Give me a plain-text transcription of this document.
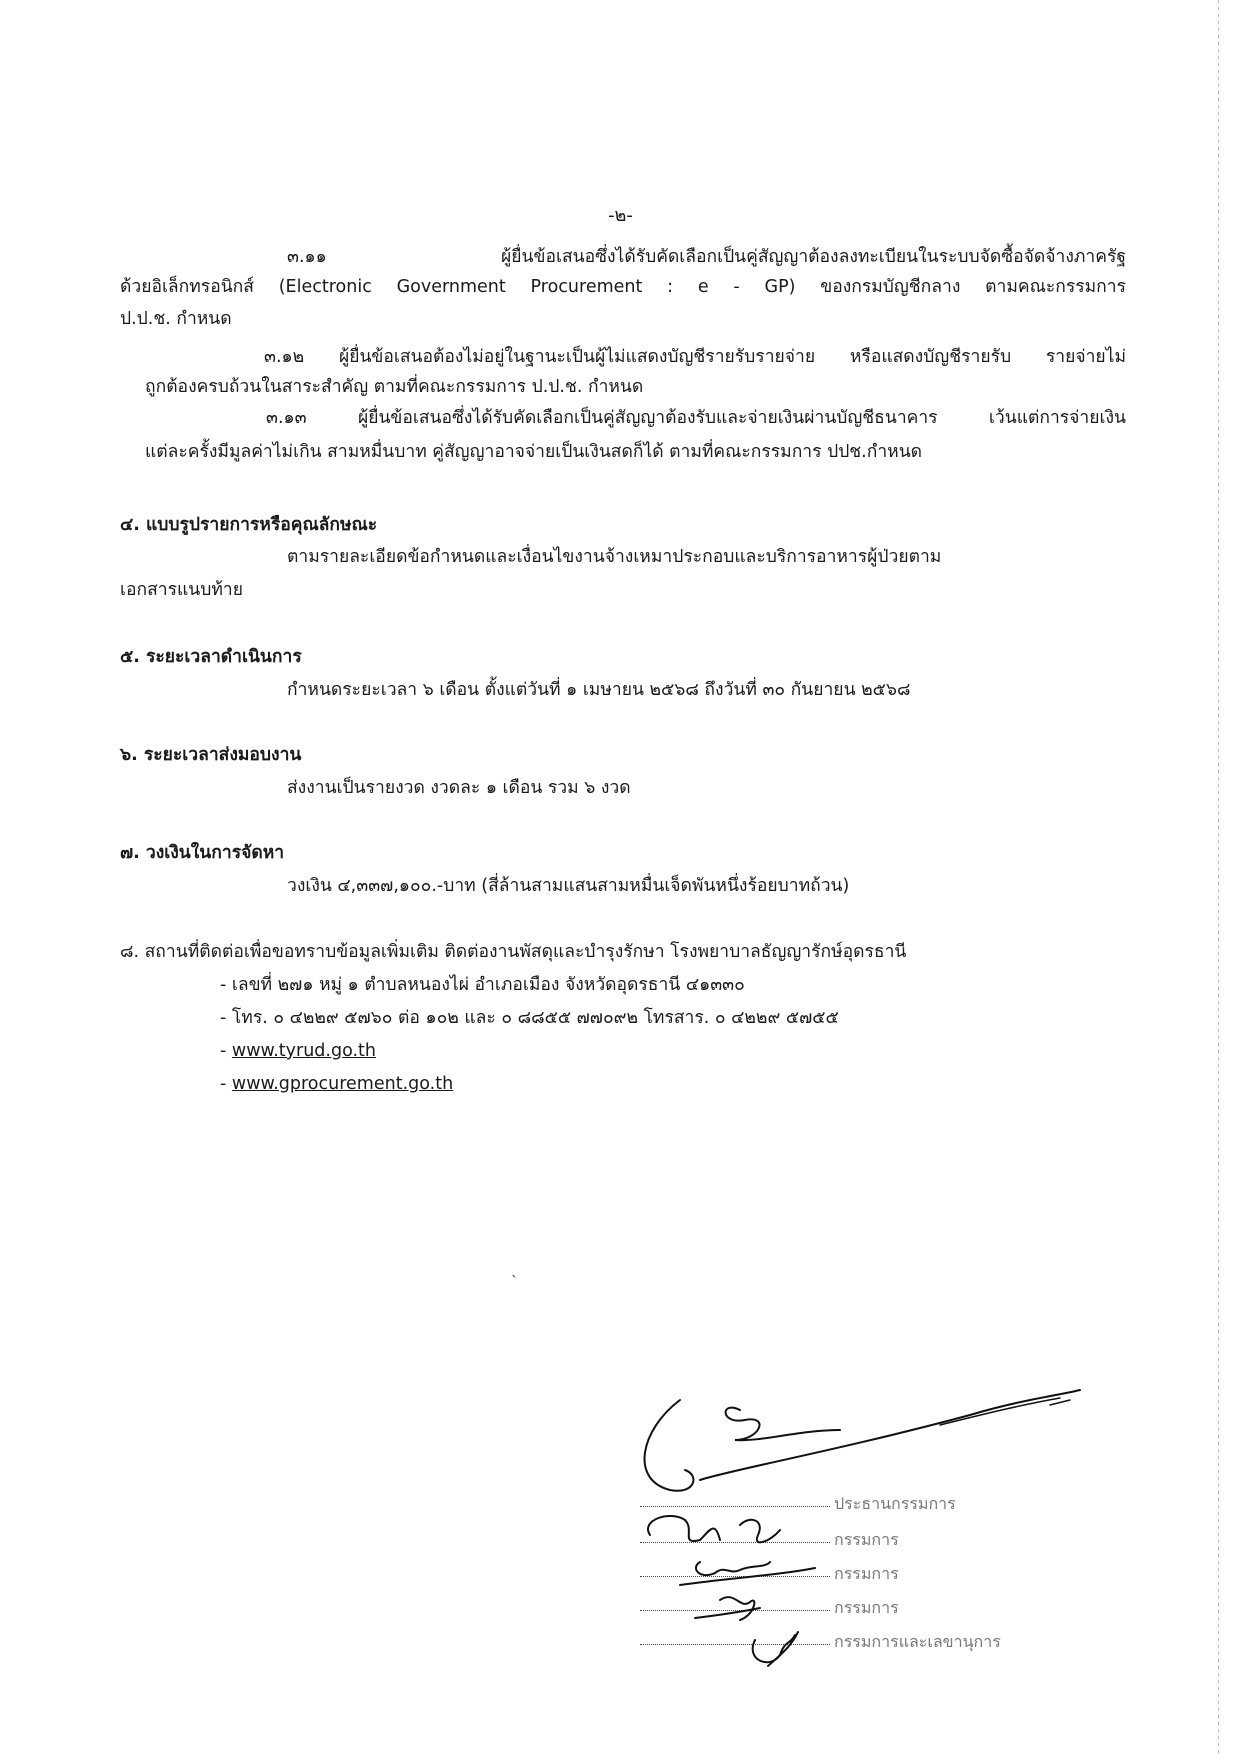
-๒-
๓.๑๑ ผู้ยื่นข้อเสนอซึ่งได้รับคัดเลือกเป็นคู่สัญญาต้องลงทะเบียนในระบบจัดซื้อจัดจ้างภาครัฐ
ด้วยอิเล็กทรอนิกส์ (Electronic Government Procurement : e - GP) ของกรมบัญชีกลาง ตามคณะกรรมการ
ป.ป.ช. กำหนด
๓.๑๒ ผู้ยื่นข้อเสนอต้องไม่อยู่ในฐานะเป็นผู้ไม่แสดงบัญชีรายรับรายจ่าย หรือแสดงบัญชีรายรับ รายจ่ายไม่
ถูกต้องครบถ้วนในสาระสำคัญ ตามที่คณะกรรมการ ป.ป.ช. กำหนด
๓.๑๓ ผู้ยื่นข้อเสนอซึ่งได้รับคัดเลือกเป็นคู่สัญญาต้องรับและจ่ายเงินผ่านบัญชีธนาคาร เว้นแต่การจ่ายเงิน
แต่ละครั้งมีมูลค่าไม่เกิน สามหมื่นบาท คู่สัญญาอาจจ่ายเป็นเงินสดก็ได้ ตามที่คณะกรรมการ ปปช.กำหนด
๔. แบบรูปรายการหรือคุณลักษณะ
ตามรายละเอียดข้อกำหนดและเงื่อนไขงานจ้างเหมาประกอบและบริการอาหารผู้ป่วยตาม
เอกสารแนบท้าย
๕. ระยะเวลาดำเนินการ
กำหนดระยะเวลา ๖ เดือน ตั้งแต่วันที่ ๑ เมษายน ๒๕๖๘ ถึงวันที่ ๓๐ กันยายน ๒๕๖๘
๖. ระยะเวลาส่งมอบงาน
ส่งงานเป็นรายงวด งวดละ ๑ เดือน รวม ๖ งวด
๗. วงเงินในการจัดหา
วงเงิน ๔,๓๓๗,๑๐๐.-บาท (สี่ล้านสามแสนสามหมื่นเจ็ดพันหนึ่งร้อยบาทถ้วน)
๘. สถานที่ติดต่อเพื่อขอทราบข้อมูลเพิ่มเติม ติดต่องานพัสดุและบำรุงรักษา โรงพยาบาลธัญญารักษ์อุดรธานี
- เลขที่ ๒๗๑ หมู่ ๑ ตำบลหนองไผ่ อำเภอเมือง จังหวัดอุดรธานี ๔๑๓๓๐
- โทร. ๐ ๔๒๒๙ ๕๗๖๐ ต่อ ๑๐๒ และ ๐ ๘๘๕๕ ๗๗๐๙๒ โทรสาร. ๐ ๔๒๒๙ ๕๗๕๕
- www.tyrud.go.th
- www.gprocurement.go.th
ˎ
ประธานกรรมการ
กรรมการ
กรรมการ
กรรมการ
กรรมการและเลขานุการ
